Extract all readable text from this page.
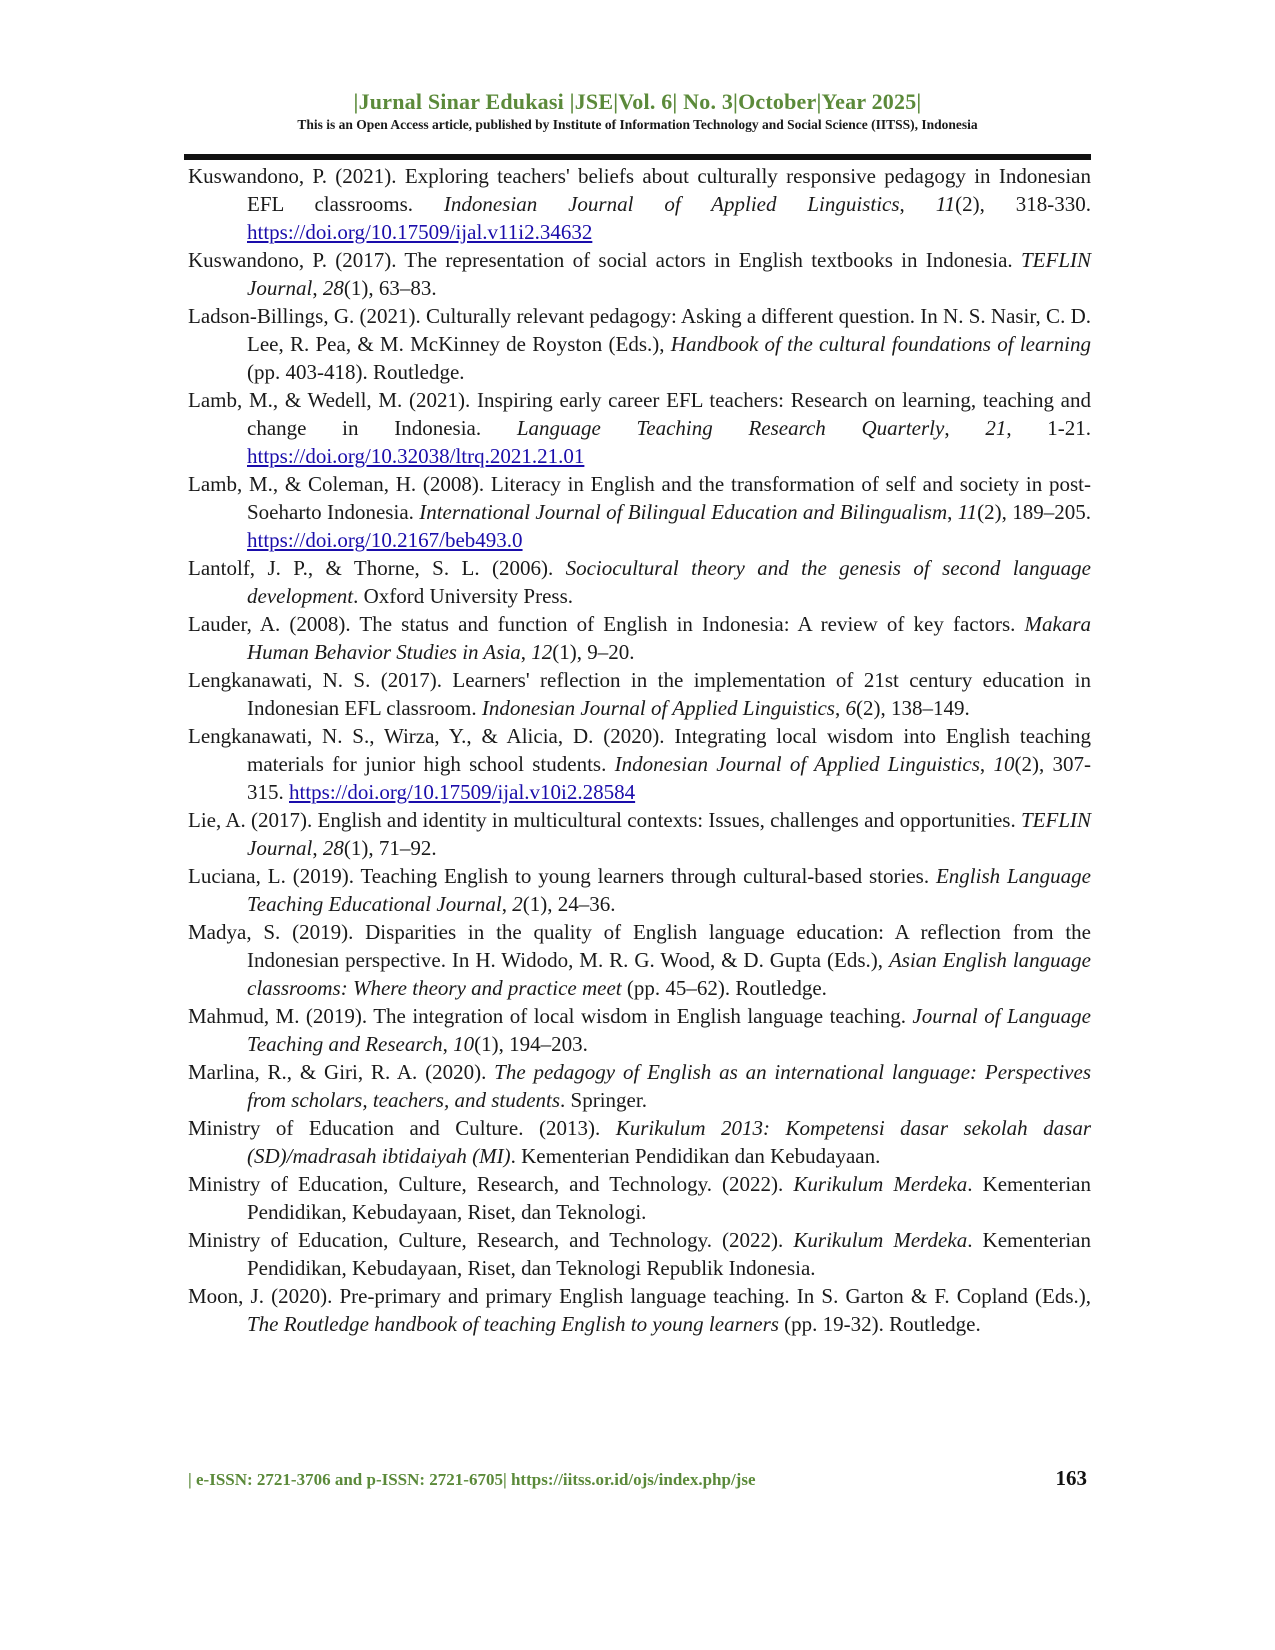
|Jurnal Sinar Edukasi |JSE|Vol. 6| No. 3|October|Year 2025|
This is an Open Access article, published by Institute of Information Technology and Social Science (IITSS), Indonesia

Kuswandono, P. (2021). Exploring teachers' beliefs about culturally responsive pedagogy in Indonesian EFL classrooms. Indonesian Journal of Applied Linguistics, 11(2), 318-330. https://doi.org/10.17509/ijal.v11i2.34632

Kuswandono, P. (2017). The representation of social actors in English textbooks in Indonesia. TEFLIN Journal, 28(1), 63–83.

Ladson-Billings, G. (2021). Culturally relevant pedagogy: Asking a different question. In N. S. Nasir, C. D. Lee, R. Pea, & M. McKinney de Royston (Eds.), Handbook of the cultural foundations of learning (pp. 403-418). Routledge.

Lamb, M., & Wedell, M. (2021). Inspiring early career EFL teachers: Research on learning, teaching and change in Indonesia. Language Teaching Research Quarterly, 21, 1-21. https://doi.org/10.32038/ltrq.2021.21.01

Lamb, M., & Coleman, H. (2008). Literacy in English and the transformation of self and society in post-Soeharto Indonesia. International Journal of Bilingual Education and Bilingualism, 11(2), 189–205. https://doi.org/10.2167/beb493.0

Lantolf, J. P., & Thorne, S. L. (2006). Sociocultural theory and the genesis of second language development. Oxford University Press.

Lauder, A. (2008). The status and function of English in Indonesia: A review of key factors. Makara Human Behavior Studies in Asia, 12(1), 9–20.

Lengkanawati, N. S. (2017). Learners' reflection in the implementation of 21st century education in Indonesian EFL classroom. Indonesian Journal of Applied Linguistics, 6(2), 138–149.

Lengkanawati, N. S., Wirza, Y., & Alicia, D. (2020). Integrating local wisdom into English teaching materials for junior high school students. Indonesian Journal of Applied Linguistics, 10(2), 307-315. https://doi.org/10.17509/ijal.v10i2.28584

Lie, A. (2017). English and identity in multicultural contexts: Issues, challenges and opportunities. TEFLIN Journal, 28(1), 71–92.

Luciana, L. (2019). Teaching English to young learners through cultural-based stories. English Language Teaching Educational Journal, 2(1), 24–36.

Madya, S. (2019). Disparities in the quality of English language education: A reflection from the Indonesian perspective. In H. Widodo, M. R. G. Wood, & D. Gupta (Eds.), Asian English language classrooms: Where theory and practice meet (pp. 45–62). Routledge.

Mahmud, M. (2019). The integration of local wisdom in English language teaching. Journal of Language Teaching and Research, 10(1), 194–203.

Marlina, R., & Giri, R. A. (2020). The pedagogy of English as an international language: Perspectives from scholars, teachers, and students. Springer.

Ministry of Education and Culture. (2013). Kurikulum 2013: Kompetensi dasar sekolah dasar (SD)/madrasah ibtidaiyah (MI). Kementerian Pendidikan dan Kebudayaan.

Ministry of Education, Culture, Research, and Technology. (2022). Kurikulum Merdeka. Kementerian Pendidikan, Kebudayaan, Riset, dan Teknologi.

Ministry of Education, Culture, Research, and Technology. (2022). Kurikulum Merdeka. Kementerian Pendidikan, Kebudayaan, Riset, dan Teknologi Republik Indonesia.

Moon, J. (2020). Pre-primary and primary English language teaching. In S. Garton & F. Copland (Eds.), The Routledge handbook of teaching English to young learners (pp. 19-32). Routledge.

| e-ISSN: 2721-3706 and p-ISSN: 2721-6705| https://iitss.or.id/ojs/index.php/jse	163
